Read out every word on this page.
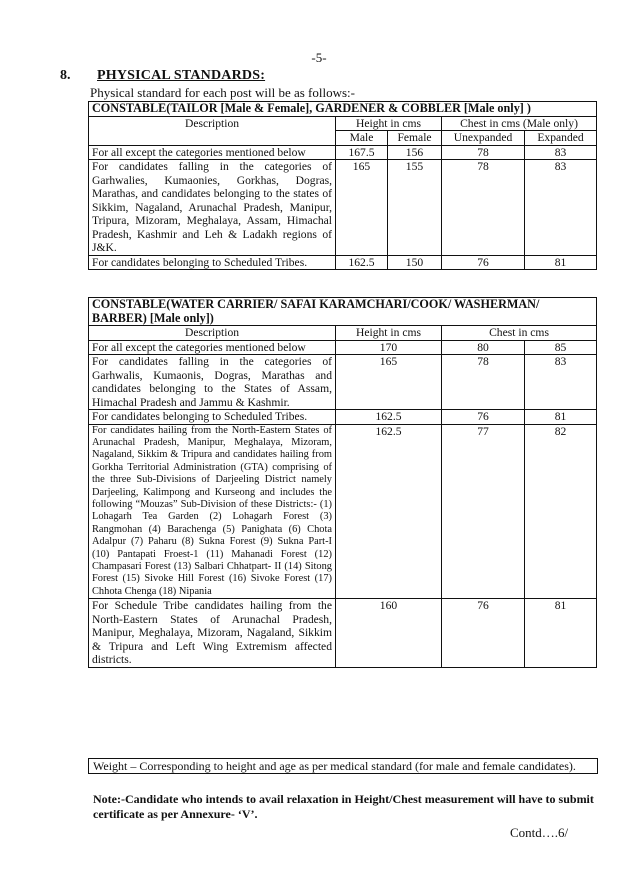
-5-
8. PHYSICAL STANDARDS:
Physical standard for each post will be as follows:-
CONSTABLE(TAILOR [Male & Female], GARDENER & COBBLER [Male only] )				
Description	Height in cms		Chest in cms (Male only)	
	Male	Female	Unexpanded	Expanded
For all except the categories mentioned below	167.5	156	78	83
For candidates falling in the categories of Garhwalies, Kumaonies, Gorkhas, Dogras, Marathas, and candidates belonging to the states of Sikkim, Nagaland, Arunachal Pradesh, Manipur, Tripura, Mizoram, Meghalaya, Assam, Himachal Pradesh, Kashmir and Leh & Ladakh regions of J&K.	165	155	78	83
For candidates belonging to Scheduled Tribes.	162.5	150	76	81
CONSTABLE(WATER CARRIER/ SAFAI KARAMCHARI/COOK/ WASHERMAN/ BARBER) [Male only])			
Description	Height in cms	Chest in cms	
For all except the categories mentioned below	170	80	85
For candidates falling in the categories of Garhwalis, Kumaonis, Dogras, Marathas and candidates belonging to the States of Assam, Himachal Pradesh and Jammu & Kashmir.	165	78	83
For candidates belonging to Scheduled Tribes.	162.5	76	81
For candidates hailing from the North-Eastern States of Arunachal Pradesh, Manipur, Meghalaya, Mizoram, Nagaland, Sikkim & Tripura and candidates hailing from Gorkha Territorial Administration (GTA) comprising of the three Sub-Divisions of Darjeeling District namely Darjeeling, Kalimpong and Kurseong and includes the following “Mouzas” Sub-Division of these Districts:- (1) Lohagarh Tea Garden (2) Lohagarh Forest (3) Rangmohan (4) Barachenga (5) Panighata (6) Chota Adalpur (7) Paharu (8) Sukna Forest (9) Sukna Part-I (10) Pantapati Froest-1 (11) Mahanadi Forest (12) Champasari Forest (13) Salbari Chhatpart- II (14) Sitong Forest (15) Sivoke Hill Forest (16) Sivoke Forest (17) Chhota Chenga (18) Nipania	162.5	77	82
For Schedule Tribe candidates hailing from the North-Eastern States of Arunachal Pradesh, Manipur, Meghalaya, Mizoram, Nagaland, Sikkim & Tripura and Left Wing Extremism affected districts.	160	76	81
Weight – Corresponding to height and age as per medical standard (for male and female candidates).
Note:-Candidate who intends to avail relaxation in Height/Chest measurement will have to submit certificate as per Annexure- ‘V’.
Contd….6/
